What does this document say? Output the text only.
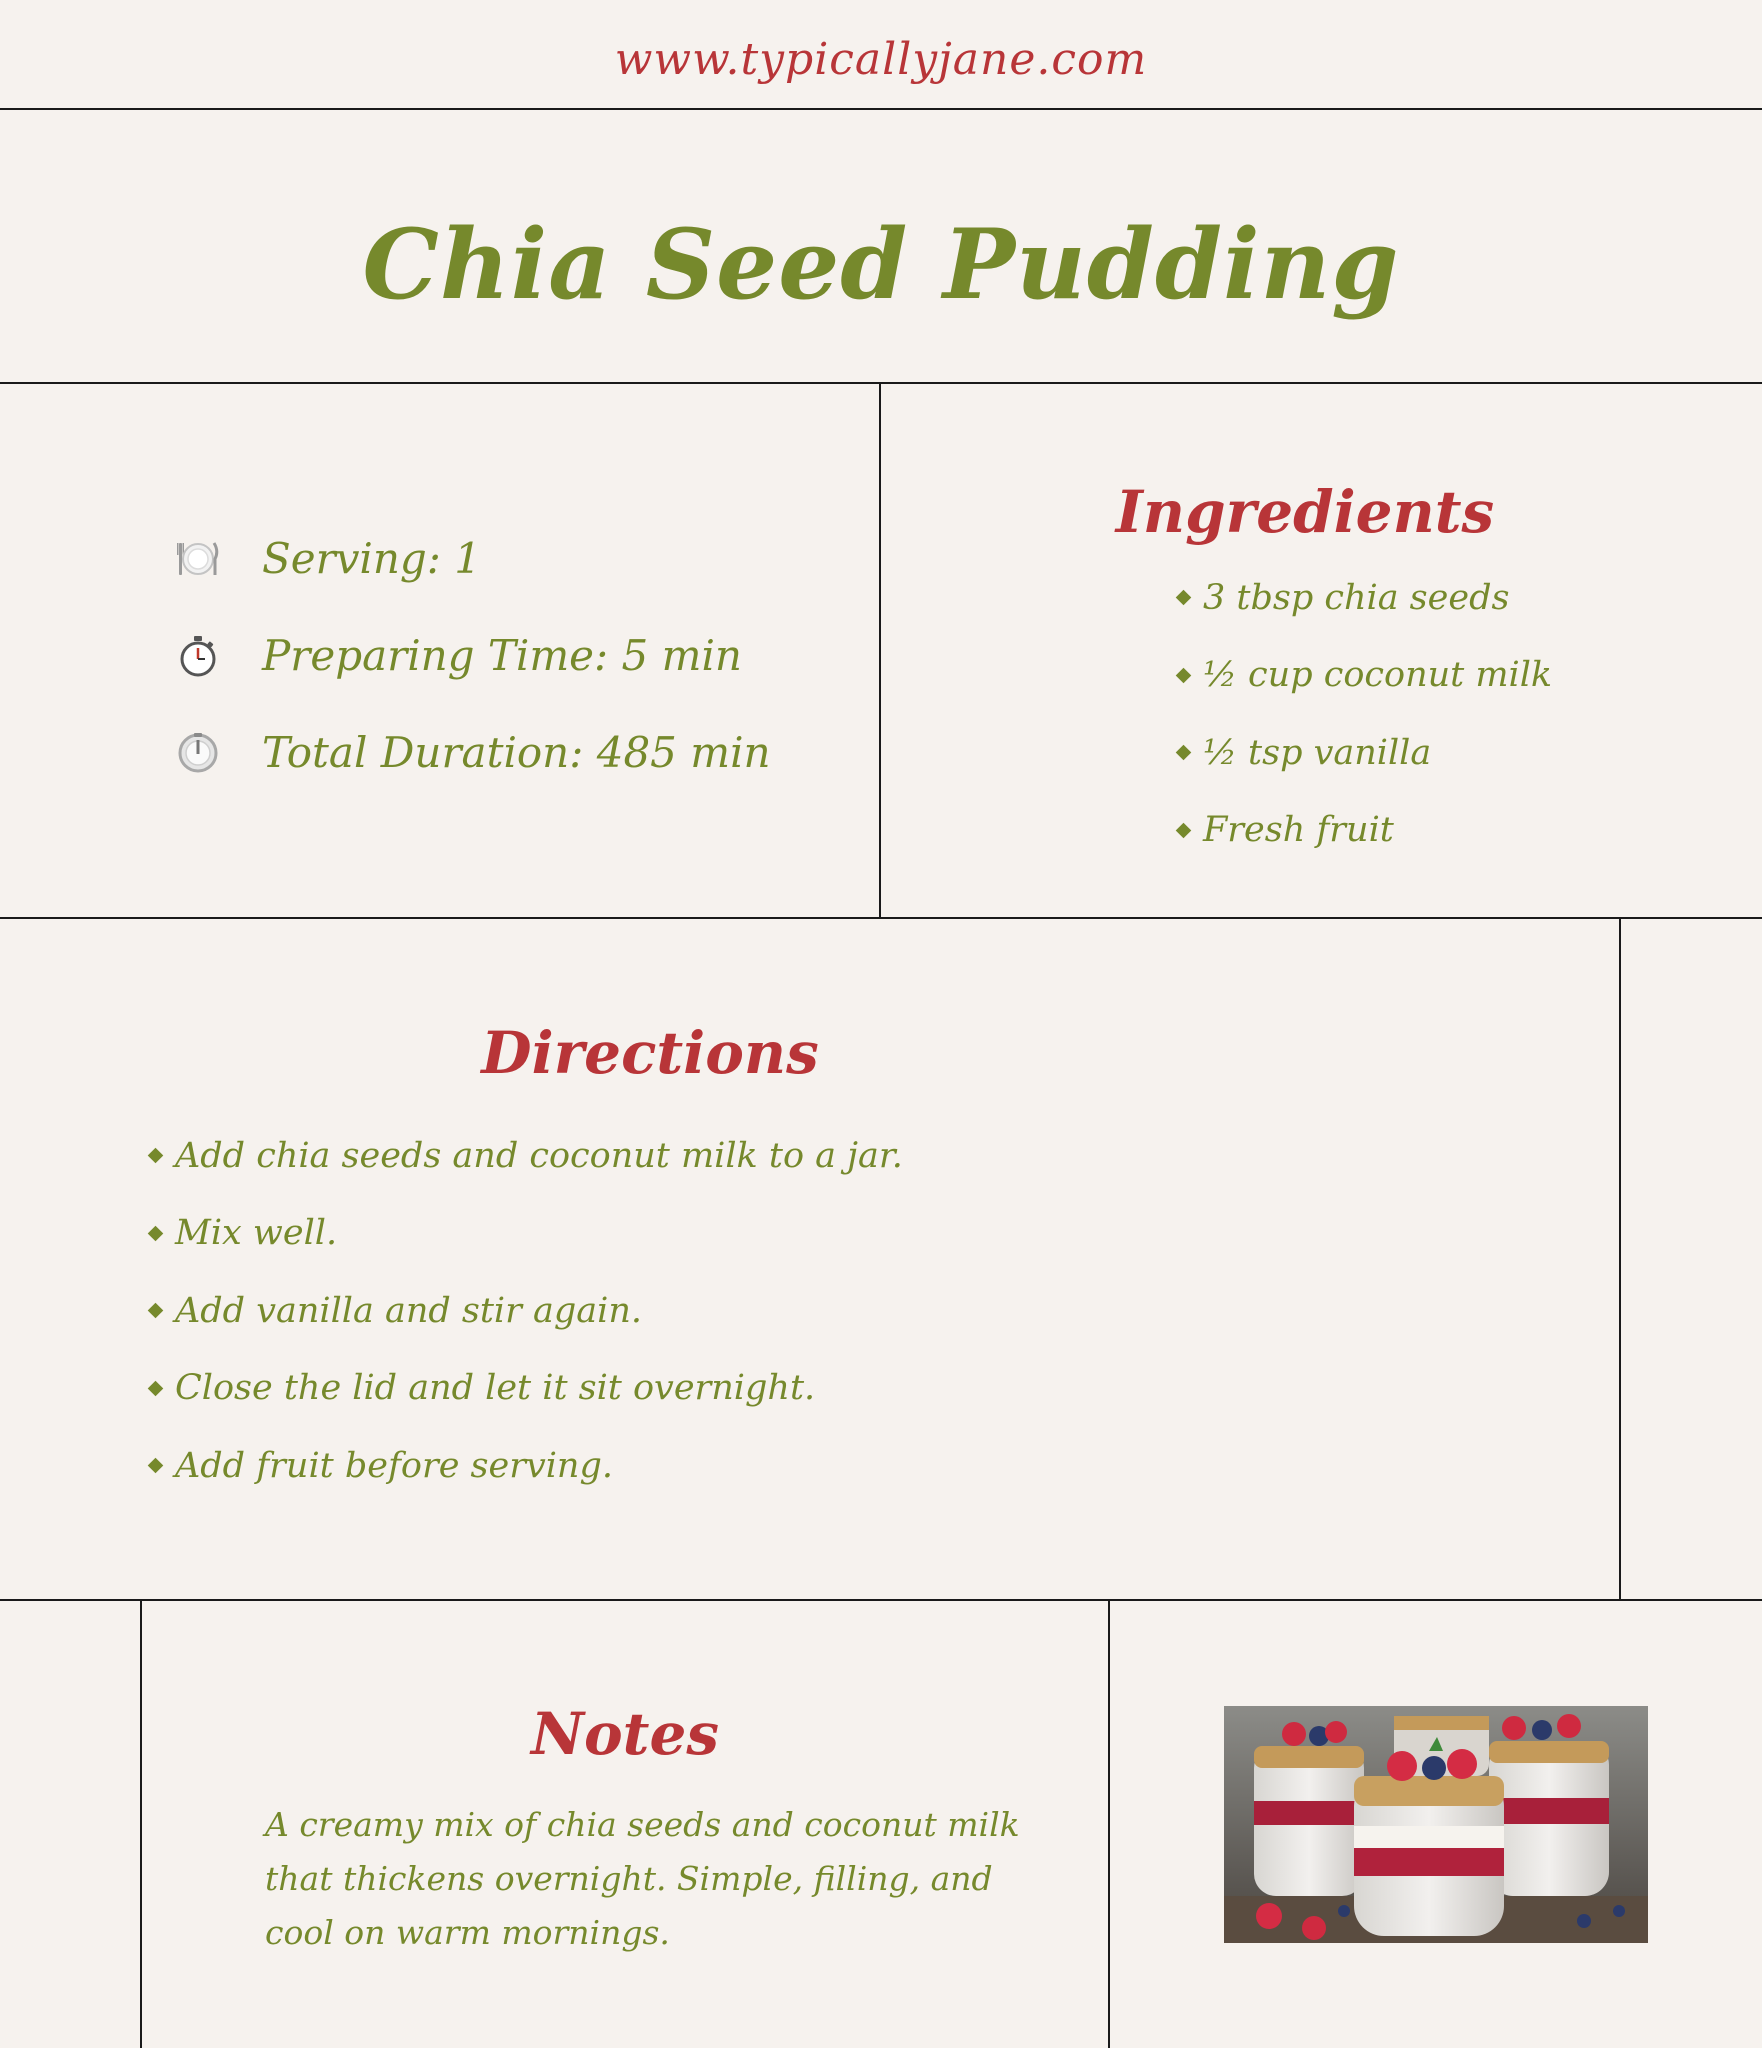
www.typicallyjane.com
Chia Seed Pudding
Serving: 1
Preparing Time: 5 min
Total Duration: 485 min
Ingredients
3 tbsp chia seeds
½ cup coconut milk
½ tsp vanilla
Fresh fruit
Directions
Add chia seeds and coconut milk to a jar.
Mix well.
Add vanilla and stir again.
Close the lid and let it sit overnight.
Add fruit before serving.
Notes

A creamy mix of chia seeds and coconut milk that thickens overnight. Simple, filling, and cool on warm mornings.
